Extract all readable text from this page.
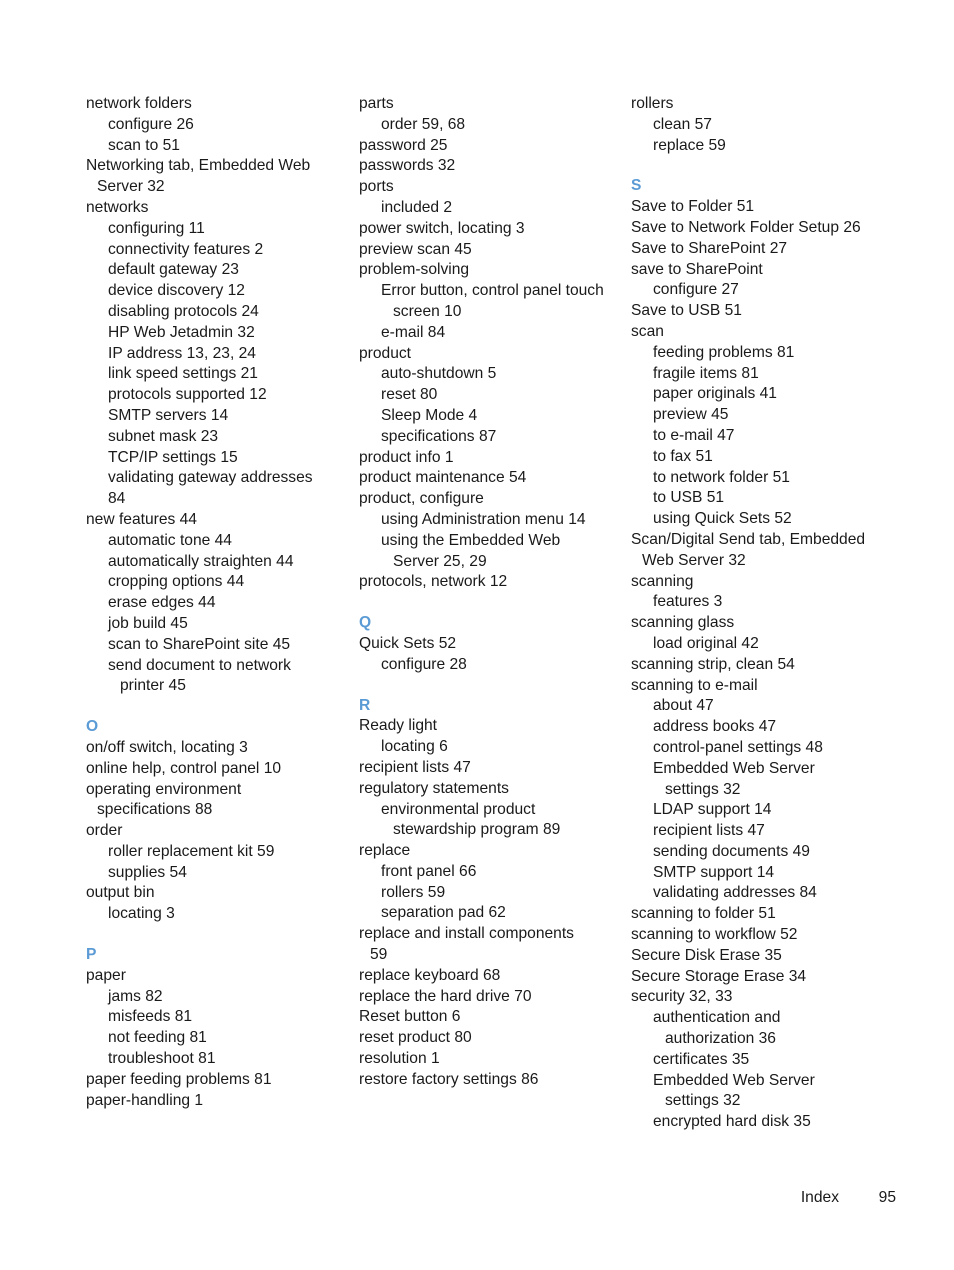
network folders
configure 26
scan to 51
Networking tab, Embedded Web
Server 32
networks
configuring 11
connectivity features 2
default gateway 23
device discovery 12
disabling protocols 24
HP Web Jetadmin 32
IP address 13, 23, 24
link speed settings 21
protocols supported 12
SMTP servers 14
subnet mask 23
TCP/IP settings 15
validating gateway addresses
84
new features 44
automatic tone 44
automatically straighten 44
cropping options 44
erase edges 44
job build 45
scan to SharePoint site 45
send document to network
printer 45
O
on/off switch, locating 3
online help, control panel 10
operating environment
specifications 88
order
roller replacement kit 59
supplies 54
output bin
locating 3
P
paper
jams 82
misfeeds 81
not feeding 81
troubleshoot 81
paper feeding problems 81
paper-handling 1
parts
order 59, 68
password 25
passwords 32
ports
included 2
power switch, locating 3
preview scan 45
problem-solving
Error button, control panel touch
screen 10
e-mail 84
product
auto-shutdown 5
reset 80
Sleep Mode 4
specifications 87
product info 1
product maintenance 54
product, configure
using Administration menu 14
using the Embedded Web
Server 25, 29
protocols, network 12
Q
Quick Sets 52
configure 28
R
Ready light
locating 6
recipient lists 47
regulatory statements
environmental product
stewardship program 89
replace
front panel 66
rollers 59
separation pad 62
replace and install components
59
replace keyboard 68
replace the hard drive 70
Reset button 6
reset product 80
resolution 1
restore factory settings 86
rollers
clean 57
replace 59
S
Save to Folder 51
Save to Network Folder Setup 26
Save to SharePoint 27
save to SharePoint
configure 27
Save to USB 51
scan
feeding problems 81
fragile items 81
paper originals 41
preview 45
to e-mail 47
to fax 51
to network folder 51
to USB 51
using Quick Sets 52
Scan/Digital Send tab, Embedded
Web Server 32
scanning
features 3
scanning glass
load original 42
scanning strip, clean 54
scanning to e-mail
about 47
address books 47
control-panel settings 48
Embedded Web Server
settings 32
LDAP support 14
recipient lists 47
sending documents 49
SMTP support 14
validating addresses 84
scanning to folder 51
scanning to workflow 52
Secure Disk Erase 35
Secure Storage Erase 34
security 32, 33
authentication and
authorization 36
certificates 35
Embedded Web Server
settings 32
encrypted hard disk 35
Index	95
